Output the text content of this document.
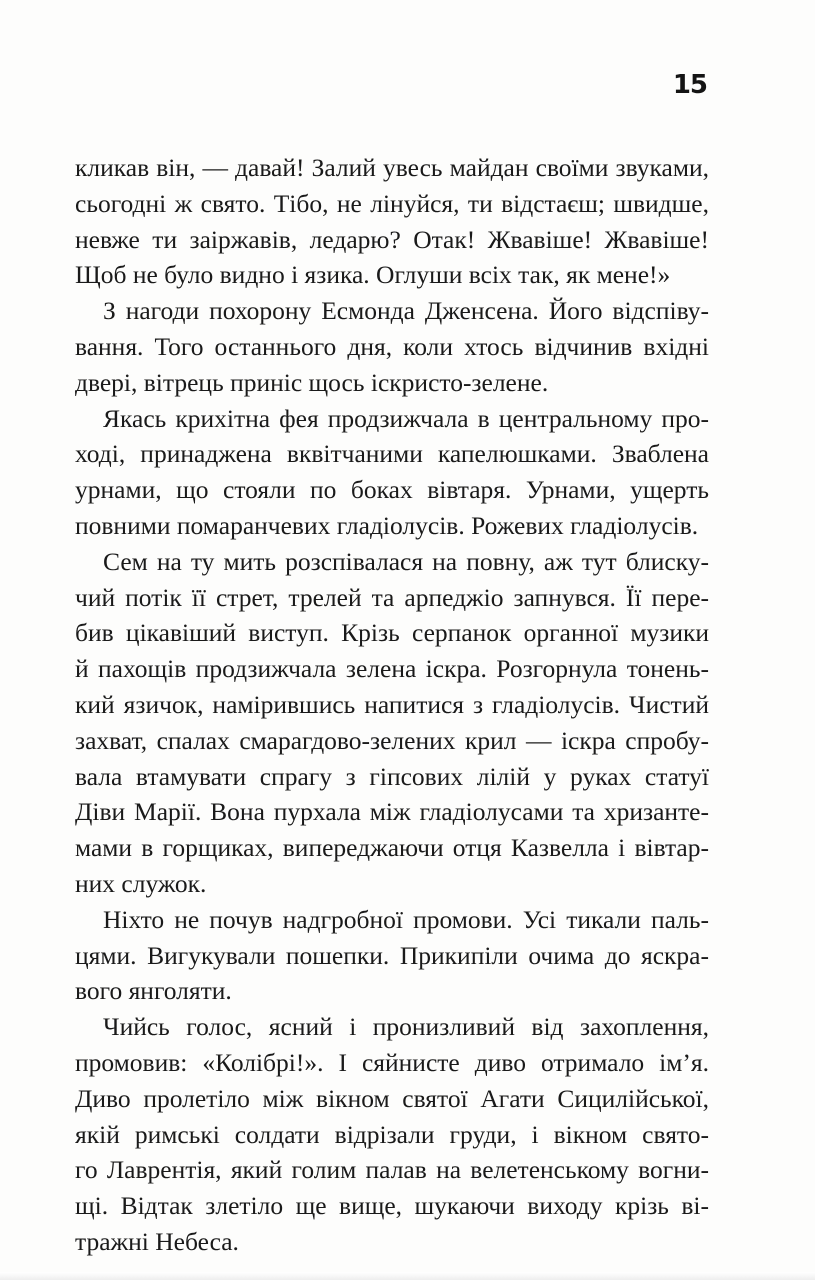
15
кликав він, — давай! Залий увесь майдан своїми звуками,
сьогодні ж свято. Тібо, не лінуйся, ти відстаєш; швидше,
невже ти заіржавів, ледарю? Отак! Жвавіше! Жвавіше!
Щоб не було видно і язика. Оглуши всіх так, як мене!»
З нагоди похорону Есмонда Дженсена. Його відспіву-
вання. Того останнього дня, коли хтось відчинив вхідні
двері, вітрець приніс щось іскристо-зелене.
Якась крихітна фея продзижчала в центральному про-
ході, принаджена вквітчаними капелюшками. Зваблена
урнами, що стояли по боках вівтаря. Урнами, ущерть
повними помаранчевих гладіолусів. Рожевих гладіолусів.
Сем на ту мить розспівалася на повну, аж тут блиску-
чий потік її стрет, трелей та арпеджіо запнувся. Її пере-
бив цікавіший виступ. Крізь серпанок органної музики
й пахощів продзижчала зелена іскра. Розгорнула тонень-
кий язичок, намірившись напитися з гладіолусів. Чистий
захват, спалах смарагдово-зелених крил — іскра спробу-
вала втамувати спрагу з гіпсових лілій у руках статуї
Діви Марії. Вона пурхала між гладіолусами та хризанте-
мами в горщиках, випереджаючи отця Казвелла і вівтар-
них служок.
Ніхто не почув надгробної промови. Усі тикали паль-
цями. Вигукували пошепки. Прикипіли очима до яскра-
вого янголяти.
Чийсь голос, ясний і пронизливий від захоплення,
промовив: «Колібрі!». І сяйнисте диво отримало ім’я.
Диво пролетіло між вікном святої Агати Сицилійської,
якій римські солдати відрізали груди, і вікном свято-
го Лаврентія, який голим палав на велетенському вогни-
щі. Відтак злетіло ще вище, шукаючи виходу крізь ві-
тражні Небеса.
